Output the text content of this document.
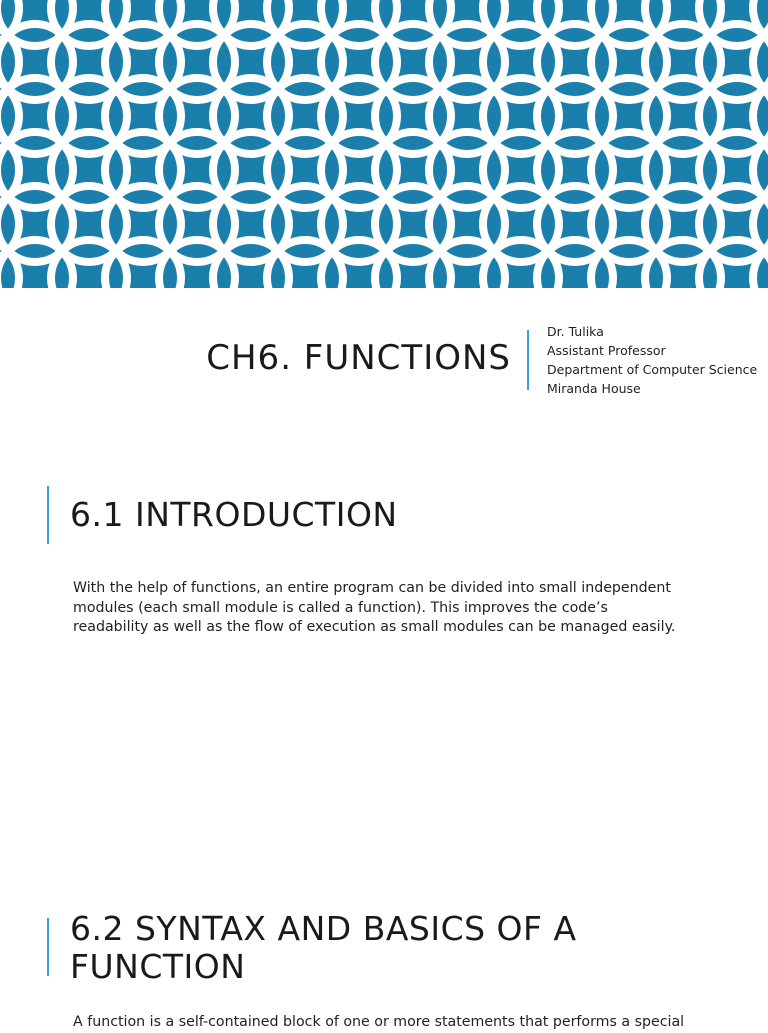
CH6. FUNCTIONS
Dr. Tulika
Assistant Professor
Department of Computer Science
Miranda House
6.1 INTRODUCTION

With the help of functions, an entire program can be divided into small independent modules (each small module is called a function). This improves the code’s readability as well as the flow of execution as small modules can be managed easily.

6.2 SYNTAX AND BASICS OF A
FUNCTION

A function is a self-contained block of one or more statements that performs a special
